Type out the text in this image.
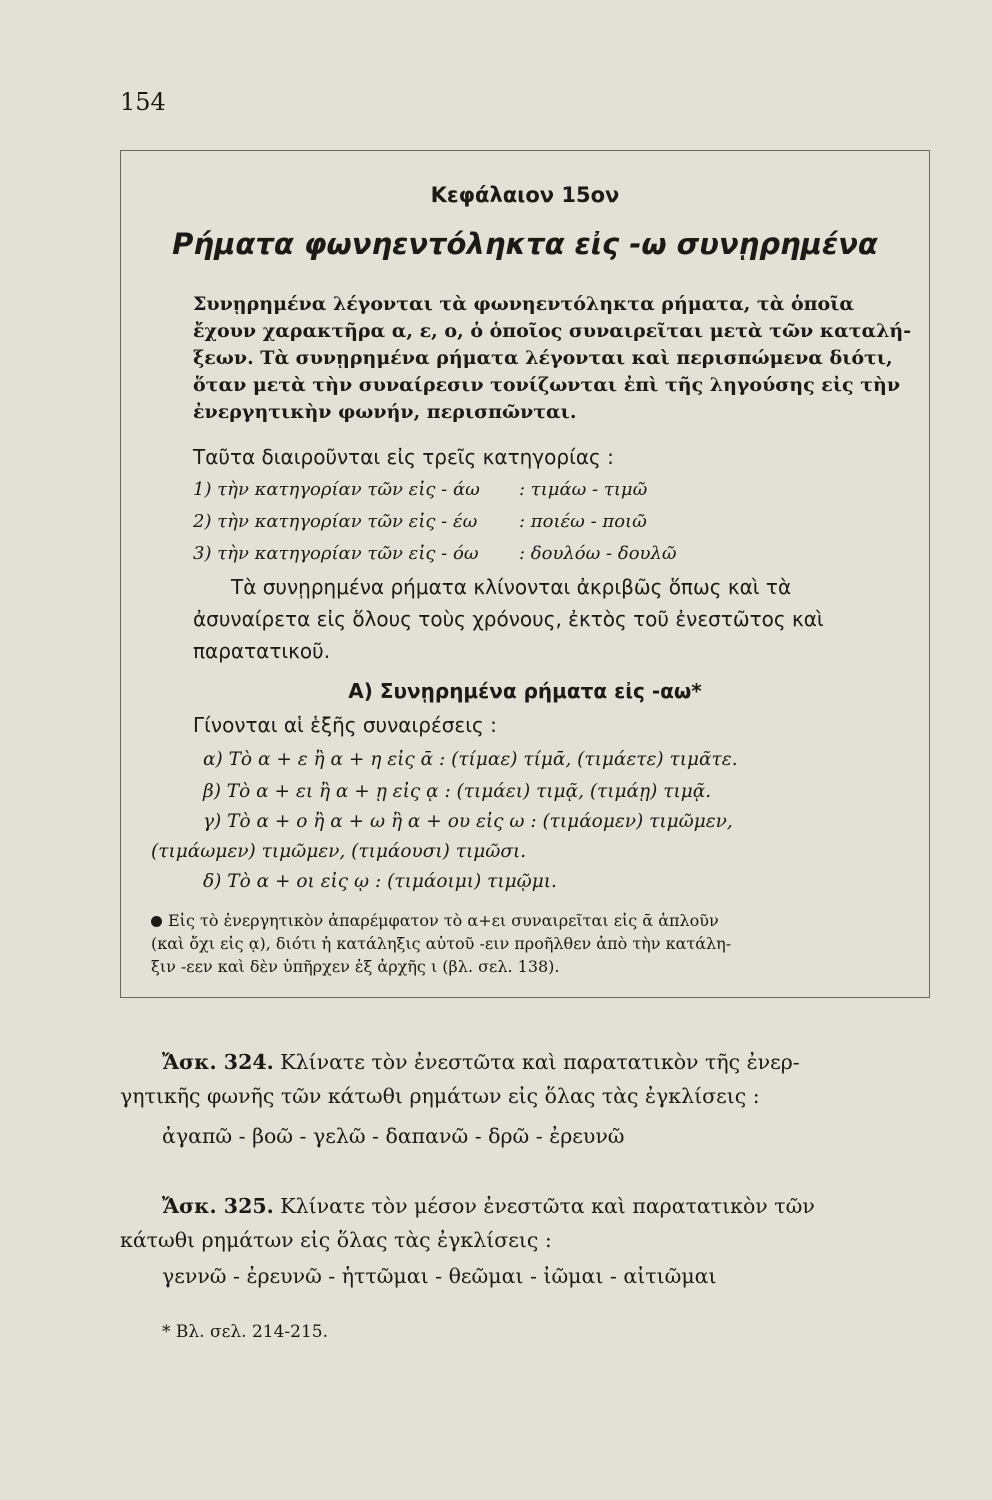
154
Κεφάλαιον 15ον
Ρήματα φωνηεντόληκτα εἰς -ω συνῃρημένα
Συνῃρημένα λέγονται τὰ φωνηεντόληκτα ρήματα, τὰ ὁποῖα
ἔχουν χαρακτῆρα α, ε, ο, ὁ ὁποῖος συναιρεῖται μετὰ τῶν καταλή-
ξεων. Τὰ συνῃρημένα ρήματα λέγονται καὶ περισπώμενα διότι,
ὅταν μετὰ τὴν συναίρεσιν τονίζωνται ἐπὶ τῆς ληγούσης εἰς τὴν
ἐνεργητικὴν φωνήν, περισπῶνται.
Ταῦτα διαιροῦνται εἰς τρεῖς κατηγορίας :
1) τὴν κατηγορίαν τῶν εἰς - άω : τιμάω - τιμῶ
2) τὴν κατηγορίαν τῶν εἰς - έω : ποιέω - ποιῶ
3) τὴν κατηγορίαν τῶν εἰς - όω : δουλόω - δουλῶ
Τὰ συνῃρημένα ρήματα κλίνονται ἀκριβῶς ὅπως καὶ τὰ
ἀσυναίρετα εἰς ὅλους τοὺς χρόνους, ἐκτὸς τοῦ ἐνεστῶτος καὶ
παρατατικοῦ.
Α) Συνῃρημένα ρήματα εἰς -αω*
Γίνονται αἱ ἑξῆς συναιρέσεις :
α) Τὸ α + ε ἢ α + η εἰς ᾱ : (τίμαε) τίμᾱ, (τιμάετε) τιμᾶτε.
β) Τὸ α + ει ἢ α + ῃ εἰς ᾳ : (τιμάει) τιμᾷ, (τιμάῃ) τιμᾷ.
γ) Τὸ α + ο ἢ α + ω ἢ α + ου εἰς ω : (τιμάομεν) τιμῶμεν,
(τιμάωμεν) τιμῶμεν, (τιμάουσι) τιμῶσι.
δ) Τὸ α + οι εἰς ῳ : (τιμάοιμι) τιμῷμι.
Εἰς τὸ ἐνεργητικὸν ἀπαρέμφατον τὸ α+ει συναιρεῖται εἰς ᾱ ἁπλοῦν
(καὶ ὄχι εἰς ᾳ), διότι ἡ κατάληξις αὐτοῦ -ειν προῆλθεν ἀπὸ τὴν κατάλη-
ξιν -εεν καὶ δὲν ὑπῆρχεν ἐξ ἀρχῆς ι (βλ. σελ. 138).
Ἄσκ. 324. Κλίνατε τὸν ἐνεστῶτα καὶ παρατατικὸν τῆς ἐνερ-
γητικῆς φωνῆς τῶν κάτωθι ρημάτων εἰς ὅλας τὰς ἐγκλίσεις :
ἀγαπῶ - βοῶ - γελῶ - δαπανῶ - δρῶ - ἐρευνῶ
Ἄσκ. 325. Κλίνατε τὸν μέσον ἐνεστῶτα καὶ παρατατικὸν τῶν
κάτωθι ρημάτων εἰς ὅλας τὰς ἐγκλίσεις :
γεννῶ - ἐρευνῶ - ἡττῶμαι - θεῶμαι - ἰῶμαι - αἰτιῶμαι
* Βλ. σελ. 214-215.
